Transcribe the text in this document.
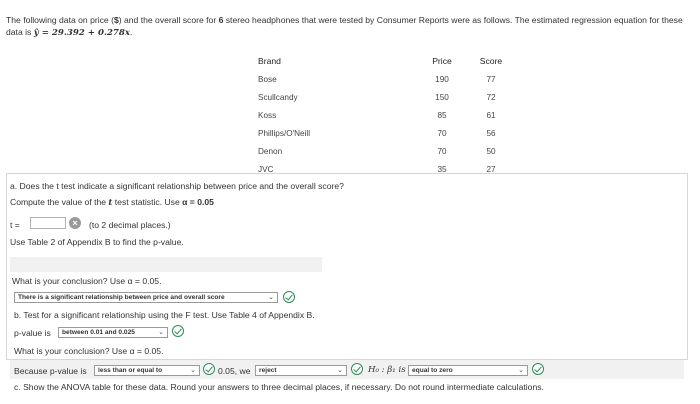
The following data on price ($) and the overall score for 6 stereo headphones that were tested by Consumer Reports were as follows. The estimated regression equation for these data is ŷ = 29.392 + 0.278x.
Brand		Price	Score
Bose		190	77
Scullcandy		150	72
Koss		85	61
Phillips/O'Neill		70	56
Denon		70	50
JVC		35	27
a. Does the t test indicate a significant relationship between price and the overall score?
Compute the value of the t test statistic. Use α = 0.05
t =	×	(to 2 decimal places.)
Use Table 2 of Appendix B to find the p-value.
What is your conclusion? Use α = 0.05.
There is a significant relationship between price and overall score	⌄
b. Test for a significant relationship using the F test. Use Table 4 of Appendix B.
p-value is	between 0.01 and 0.025	⌄
What is your conclusion? Use α = 0.05.
Because p-value is	less than or equal to	⌄	0.05, we	reject	⌄	H₀ : β₁ is equal to zero	⌄
c. Show the ANOVA table for these data. Round your answers to three decimal places, if necessary. Do not round intermediate calculations.
